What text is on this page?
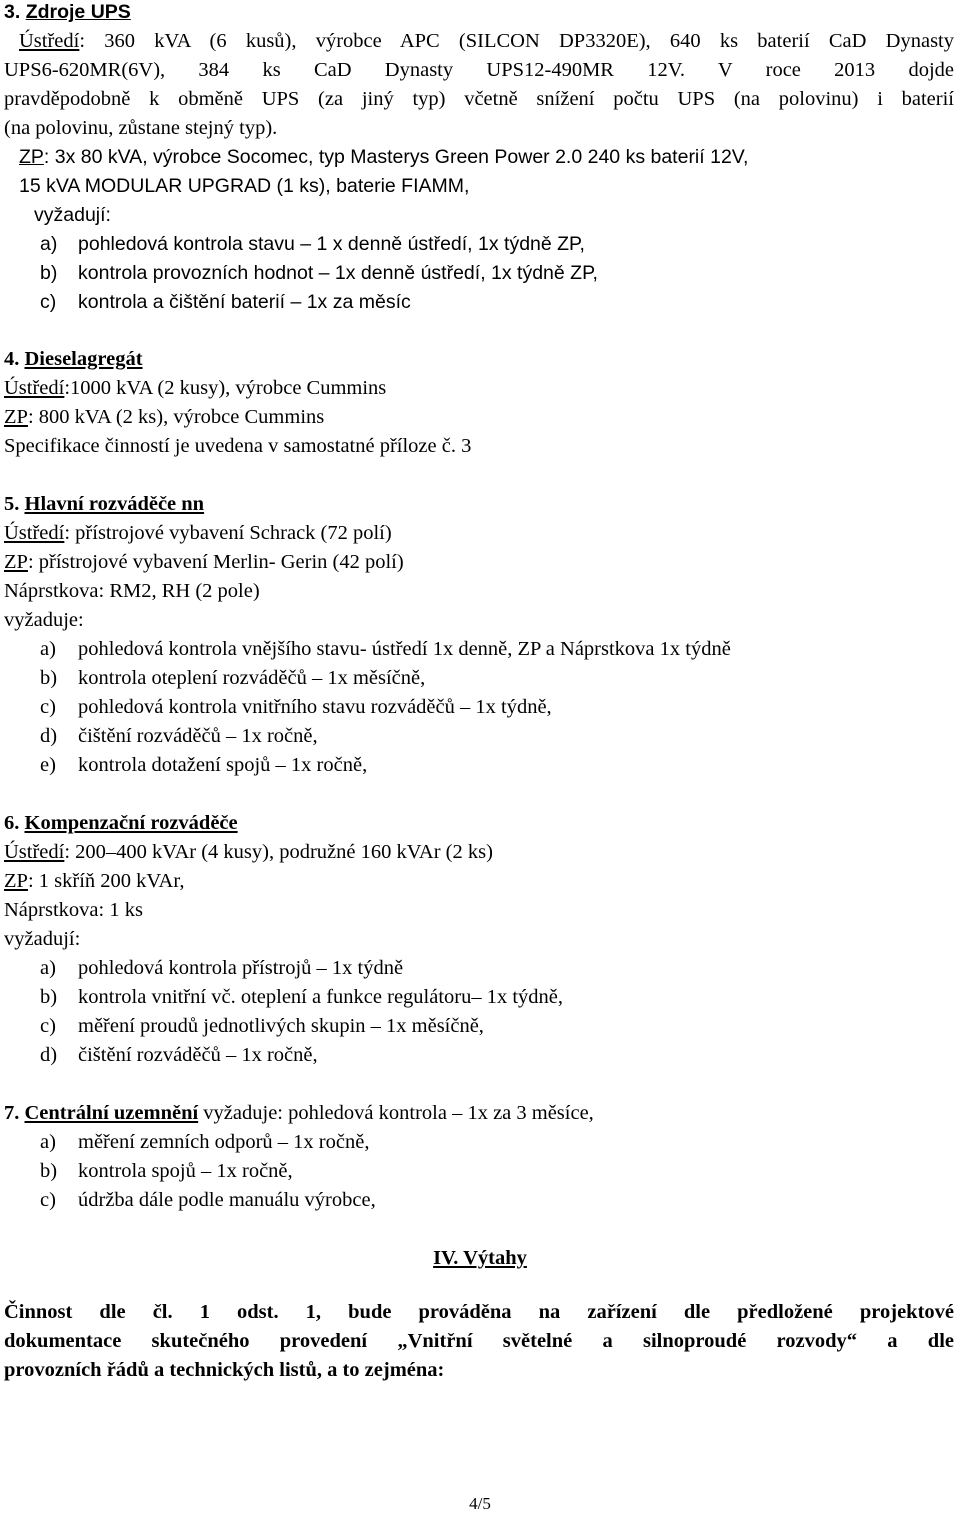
3. Zdroje UPS
Ústředí: 360 kVA (6 kusů), výrobce APC (SILCON DP3320E), 640 ks baterií CaD Dynasty
UPS6-620MR(6V), 384 ks CaD Dynasty UPS12-490MR 12V. V roce 2013 dojde
pravděpodobně k obměně UPS (za jiný typ) včetně snížení počtu UPS (na polovinu) i baterií
(na polovinu, zůstane stejný typ).
ZP: 3x 80 kVA, výrobce Socomec, typ Masterys Green Power 2.0 240 ks baterií 12V,
15 kVA MODULAR UPGRAD (1 ks), baterie FIAMM,
vyžadují:
a) pohledová kontrola stavu – 1 x denně ústředí, 1x týdně ZP,
b) kontrola provozních hodnot – 1x denně ústředí, 1x týdně ZP,
c) kontrola a čištění baterií – 1x za měsíc
4. Dieselagregát
Ústředí:1000 kVA (2 kusy), výrobce Cummins
ZP: 800 kVA (2 ks), výrobce Cummins
Specifikace činností je uvedena v samostatné příloze č. 3
5. Hlavní rozváděče nn
Ústředí: přístrojové vybavení Schrack (72 polí)
ZP: přístrojové vybavení Merlin- Gerin (42 polí)
Náprstkova: RM2, RH (2 pole)
vyžaduje:
a) pohledová kontrola vnějšího stavu- ústředí 1x denně, ZP a Náprstkova 1x týdně
b) kontrola oteplení rozváděčů – 1x měsíčně,
c) pohledová kontrola vnitřního stavu rozváděčů – 1x týdně,
d) čištění rozváděčů – 1x ročně,
e) kontrola dotažení spojů – 1x ročně,
6. Kompenzační rozváděče
Ústředí: 200–400 kVAr (4 kusy), podružné 160 kVAr (2 ks)
ZP: 1 skříň 200 kVAr,
Náprstkova: 1 ks
vyžadují:
a) pohledová kontrola přístrojů – 1x týdně
b) kontrola vnitřní vč. oteplení a funkce regulátoru– 1x týdně,
c) měření proudů jednotlivých skupin – 1x měsíčně,
d) čištění rozváděčů – 1x ročně,
7. Centrální uzemnění vyžaduje: pohledová kontrola – 1x za 3 měsíce,
a) měření zemních odporů – 1x ročně,
b) kontrola spojů – 1x ročně,
c) údržba dále podle manuálu výrobce,
IV. Výtahy
Činnost dle čl. 1 odst. 1, bude prováděna na zařízení dle předložené projektové
dokumentace skutečného provedení „Vnitřní světelné a silnoproudé rozvody“ a dle
provozních řádů a technických listů, a to zejména:
4/5
